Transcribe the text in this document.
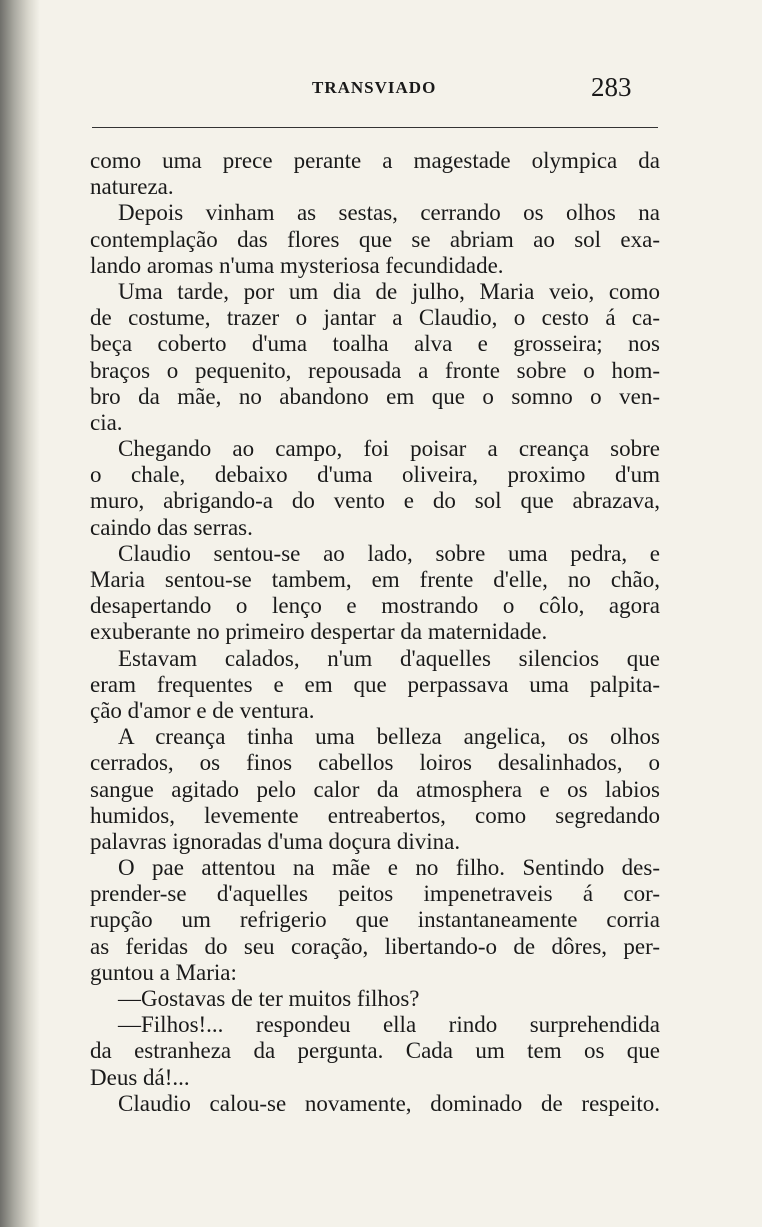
TRANSVIADO	283
como uma prece perante a magestade olympica da
natureza.
Depois vinham as sestas, cerrando os olhos na
contemplação das flores que se abriam ao sol exa-
lando aromas n'uma mysteriosa fecundidade.
Uma tarde, por um dia de julho, Maria veio, como
de costume, trazer o jantar a Claudio, o cesto á ca-
beça coberto d'uma toalha alva e grosseira; nos
braços o pequenito, repousada a fronte sobre o hom-
bro da mãe, no abandono em que o somno o ven-
cia.
Chegando ao campo, foi poisar a creança sobre
o chale, debaixo d'uma oliveira, proximo d'um
muro, abrigando-a do vento e do sol que abrazava,
caindo das serras.
Claudio sentou-se ao lado, sobre uma pedra, e
Maria sentou-se tambem, em frente d'elle, no chão,
desapertando o lenço e mostrando o côlo, agora
exuberante no primeiro despertar da maternidade.
Estavam calados, n'um d'aquelles silencios que
eram frequentes e em que perpassava uma palpita-
ção d'amor e de ventura.
A creança tinha uma belleza angelica, os olhos
cerrados, os finos cabellos loiros desalinhados, o
sangue agitado pelo calor da atmosphera e os labios
humidos, levemente entreabertos, como segredando
palavras ignoradas d'uma doçura divina.
O pae attentou na mãe e no filho. Sentindo des-
prender-se d'aquelles peitos impenetraveis á cor-
rupção um refrigerio que instantaneamente corria
as feridas do seu coração, libertando-o de dôres, per-
guntou a Maria:
—Gostavas de ter muitos filhos?
—Filhos!... respondeu ella rindo surprehendida
da estranheza da pergunta. Cada um tem os que
Deus dá!...
Claudio calou-se novamente, dominado de respeito.
